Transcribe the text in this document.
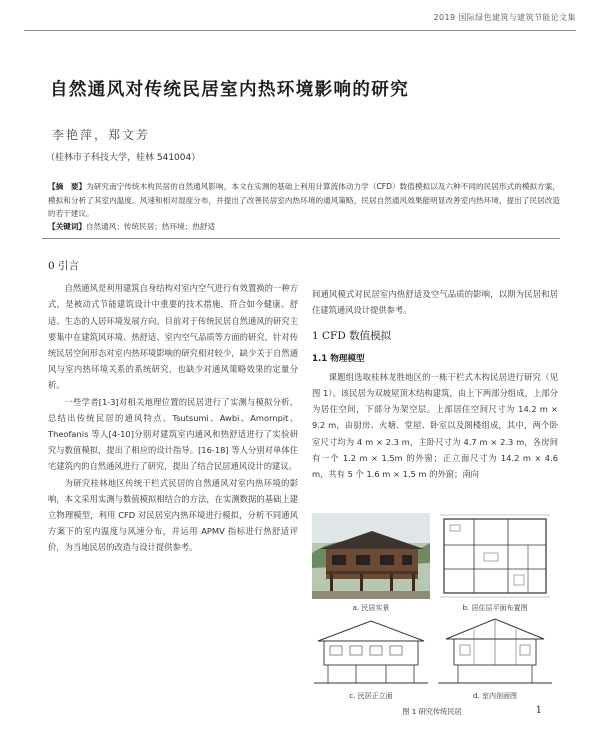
2019 国际绿色建筑与建筑节能论文集
自然通风对传统民居室内热环境影响的研究
李艳萍，郑文芳
（桂林市子科技大学，桂林 541004）
【摘　要】为研究南宁传统木构民居的自然通风影响，本文在实测的基础上利用计算流体动力学（CFD）数值模拟以及六种不同的民居形式的模拟方案，模拟和分析了其室内温度、风速和相对湿度分布，并提出了改善民居室内热环境的通风策略，民居自然通风效果能明显改善室内热环境，提出了民居改造的若干建议。
【关键词】自然通风；传统民居；热环境；热舒适
0 引言

自然通风是利用建筑自身结构对室内空气进行有效置换的一种方式，是被动式节能建筑设计中重要的技术措施，符合如今健康、舒适、生态的人居环境发展方向。目前对于传统民居自然通风的研究主要集中在建筑风环境、热舒适、室内空气品质等方面的研究，针对传统民居空间形态对室内热环境影响的研究相对较少，缺少关于自然通风与室内热环境关系的系统研究，也缺少对通风策略效果的定量分析。

一些学者[1-3]对相关地理位置的民居进行了实测与模拟分析，总结出传统民居的通风特点。Tsutsumi、Awbi、Amornpit、Theofanis 等人[4-10]分别对建筑室内通风和热舒适进行了实验研究与数值模拟，提出了相应的设计指导。[16-18] 等人分别对单体住宅建筑内的自然通风进行了研究，提出了结合民居通风设计的建议。

为研究桂林地区传统干栏式民居的自然通风对室内热环境的影响，本文采用实测与数值模拟相结合的方法，在实测数据的基础上建立物理模型，利用 CFD 对民居室内热环境进行模拟，分析不同通风方案下的室内温度与风速分布，并运用 APMV 指标进行热舒适评价，为当地民居的改造与设计提供参考。

间通风模式对民居室内热舒适及空气品质的影响，以期为民居和居住建筑通风设计提供参考。

1 CFD 数值模拟
1.1 物理模型

课题组选取桂林龙胜地区的一栋干栏式木构民居进行研究（见图 1）。该民居为双坡屋顶木结构建筑，由上下两部分组成，上部分为居住空间，下部分为架空层。上部居住空间尺寸为 14.2 m × 9.2 m，由厨房、火塘、堂屋、卧室以及阁楼组成，其中，两个卧室尺寸均为 4 m × 2.3 m，主卧尺寸为 4.7 m × 2.3 m，各房间有一个 1.2 m × 1.5m 的外窗；正立面尺寸为 14.2 m × 4.6 m，共有 5 个 1.6 m × 1.5 m 的外窗；南向

a. 民居实景	b. 居住层平面布置图
c. 民居正立面	d. 室内剖面图
图 1 研究传统民居	1
